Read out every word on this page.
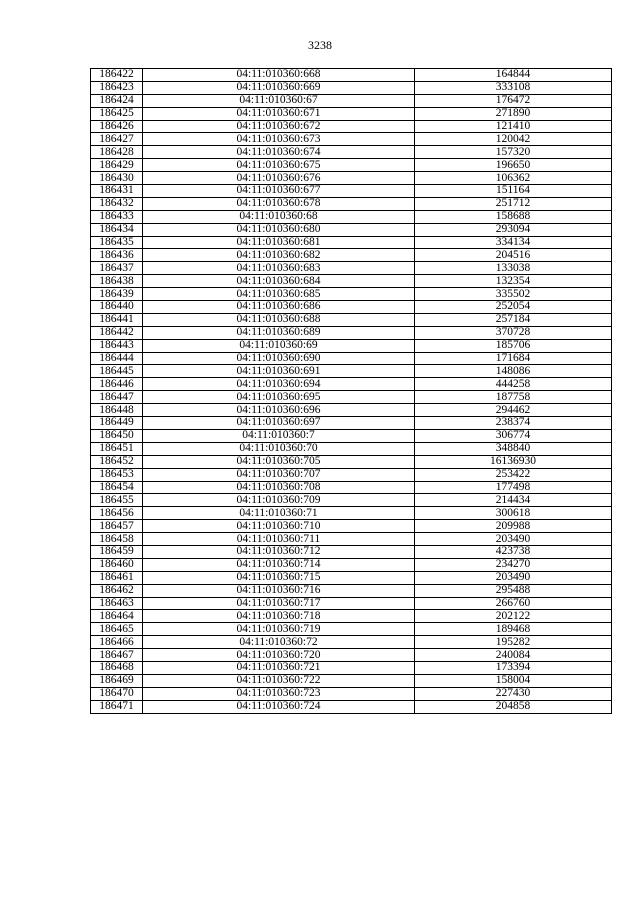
3238
186422	04:11:010360:668	164844
186423	04:11:010360:669	333108
186424	04:11:010360:67	176472
186425	04:11:010360:671	271890
186426	04:11:010360:672	121410
186427	04:11:010360:673	120042
186428	04:11:010360:674	157320
186429	04:11:010360:675	196650
186430	04:11:010360:676	106362
186431	04:11:010360:677	151164
186432	04:11:010360:678	251712
186433	04:11:010360:68	158688
186434	04:11:010360:680	293094
186435	04:11:010360:681	334134
186436	04:11:010360:682	204516
186437	04:11:010360:683	133038
186438	04:11:010360:684	132354
186439	04:11:010360:685	335502
186440	04:11:010360:686	252054
186441	04:11:010360:688	257184
186442	04:11:010360:689	370728
186443	04:11:010360:69	185706
186444	04:11:010360:690	171684
186445	04:11:010360:691	148086
186446	04:11:010360:694	444258
186447	04:11:010360:695	187758
186448	04:11:010360:696	294462
186449	04:11:010360:697	238374
186450	04:11:010360:7	306774
186451	04:11:010360:70	348840
186452	04:11:010360:705	16136930
186453	04:11:010360:707	253422
186454	04:11:010360:708	177498
186455	04:11:010360:709	214434
186456	04:11:010360:71	300618
186457	04:11:010360:710	209988
186458	04:11:010360:711	203490
186459	04:11:010360:712	423738
186460	04:11:010360:714	234270
186461	04:11:010360:715	203490
186462	04:11:010360:716	295488
186463	04:11:010360:717	266760
186464	04:11:010360:718	202122
186465	04:11:010360:719	189468
186466	04:11:010360:72	195282
186467	04:11:010360:720	240084
186468	04:11:010360:721	173394
186469	04:11:010360:722	158004
186470	04:11:010360:723	227430
186471	04:11:010360:724	204858
